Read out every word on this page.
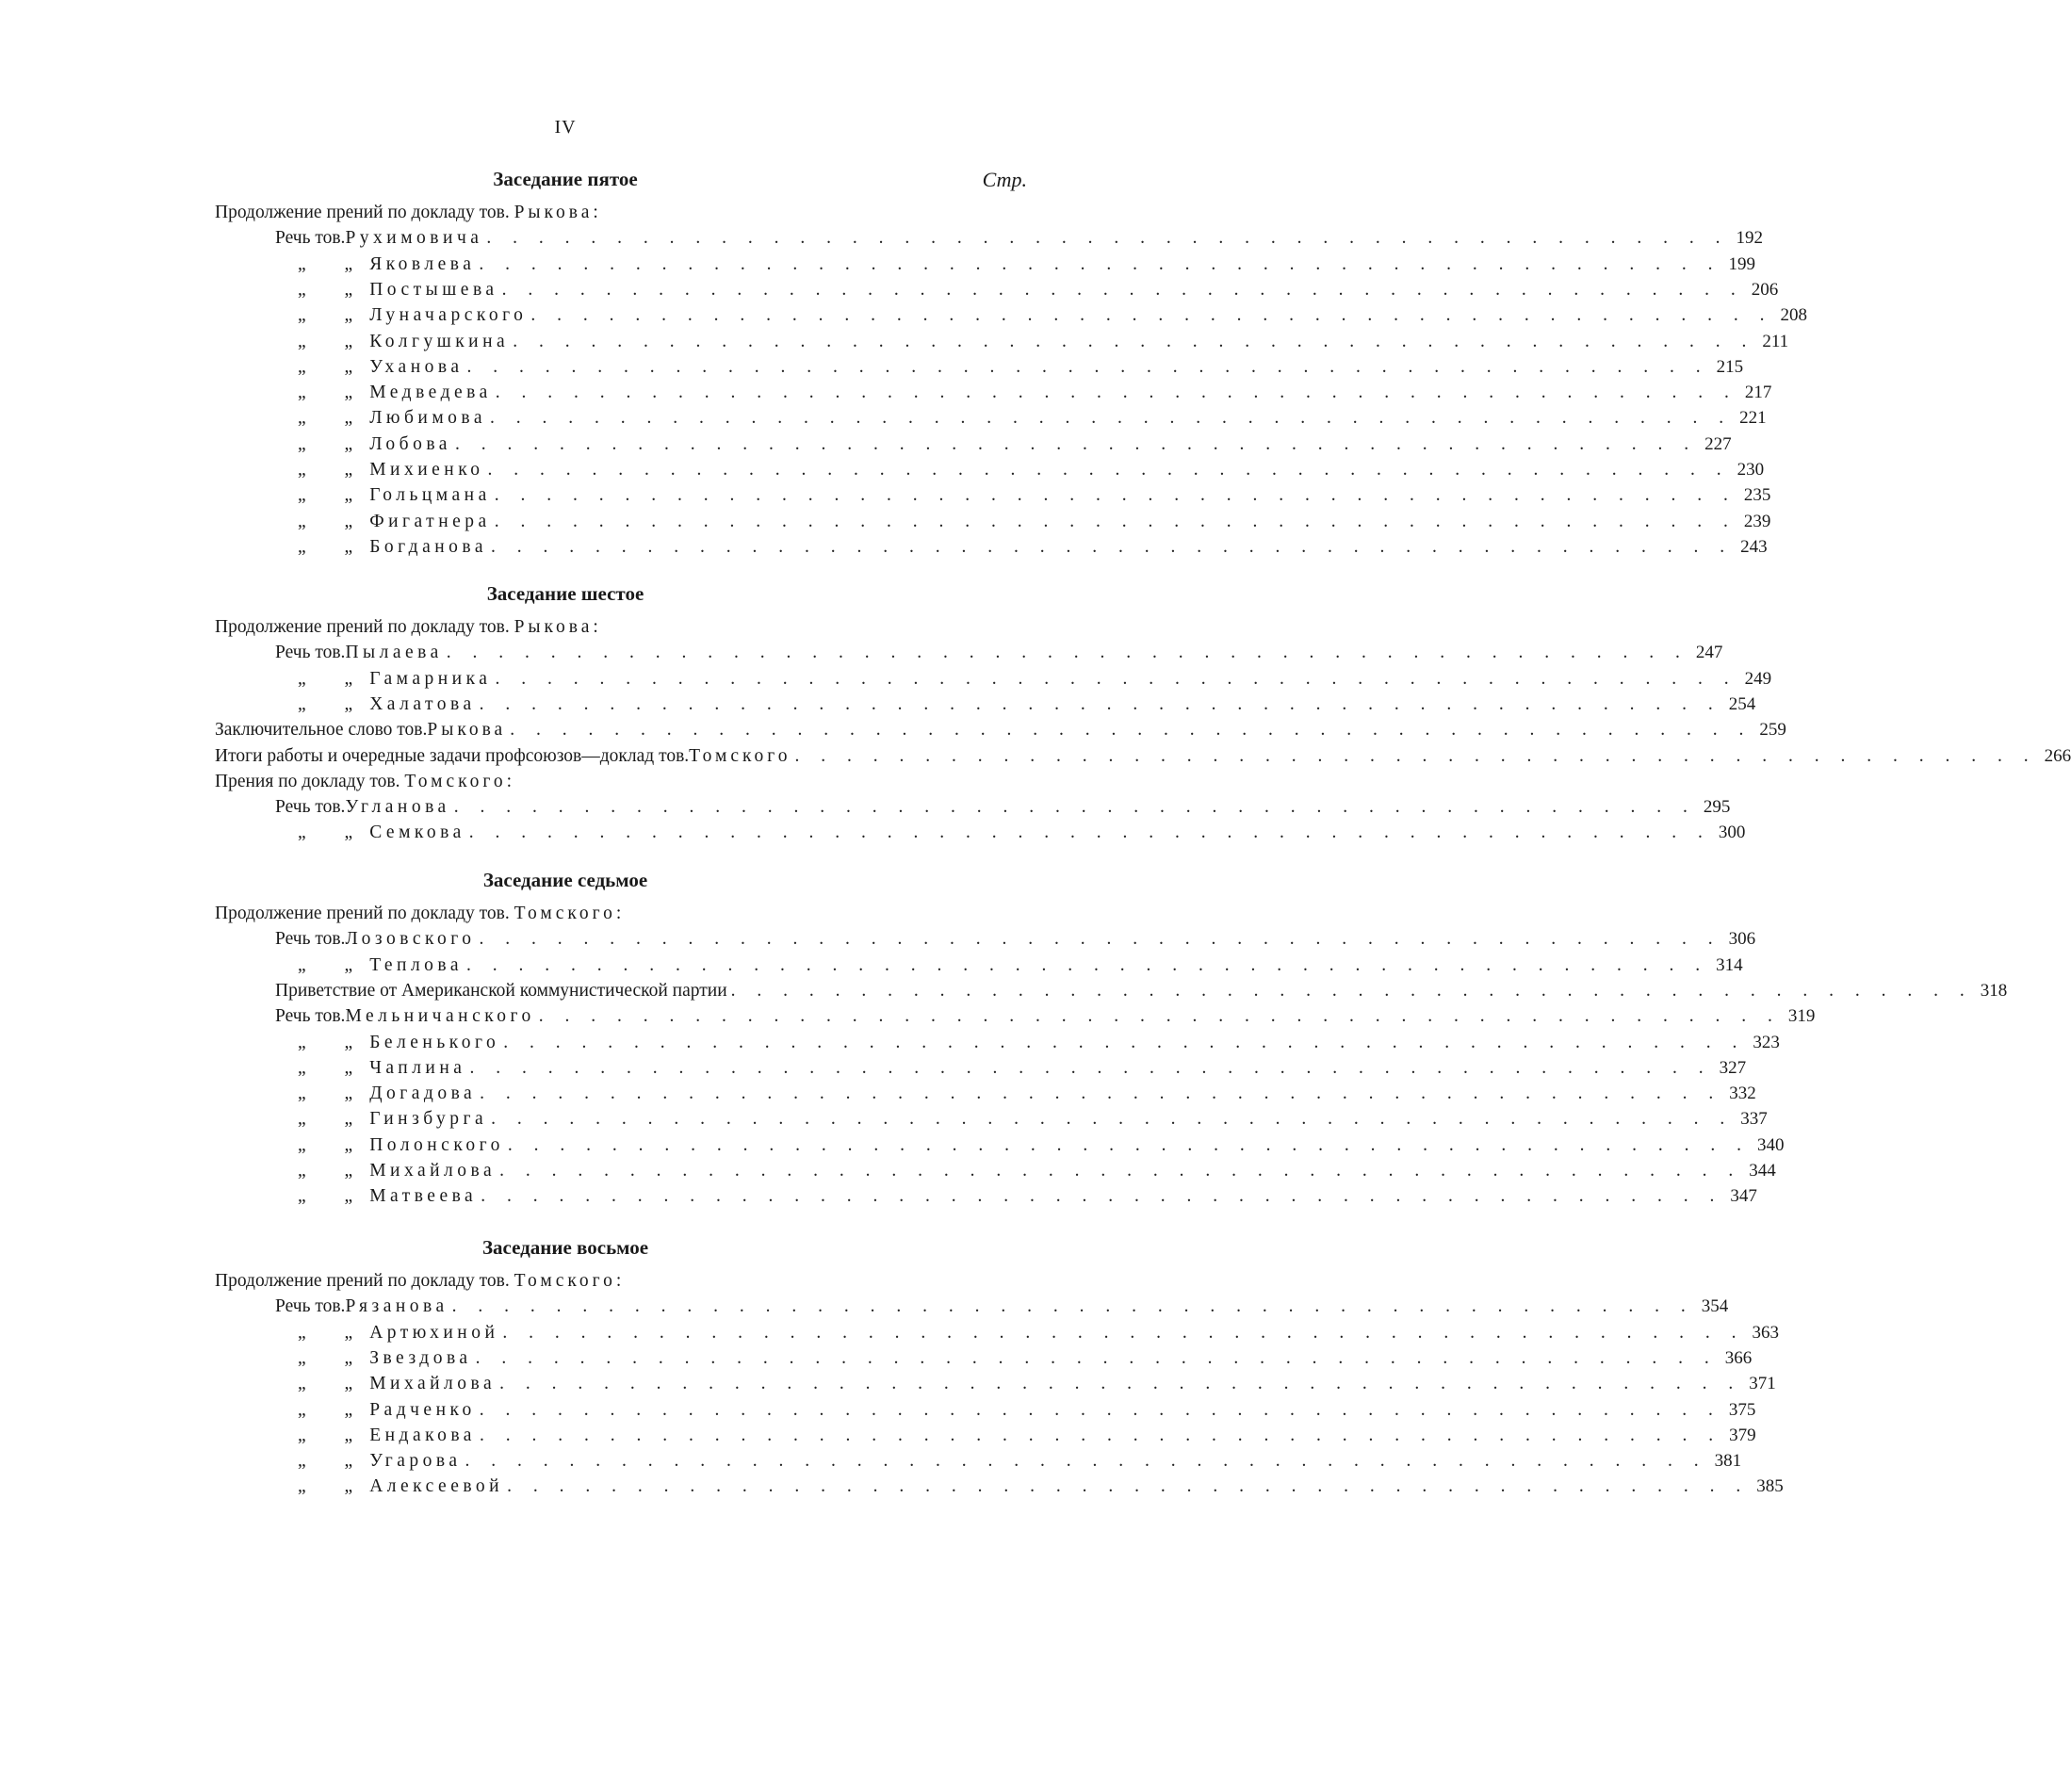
IV
Заседание пятое	Стр.
Продолжение прений по докладу тов. Рыкова:
Речь тов. Рухимовича . . . . . . . . . . . . . . . . . . . . . . . . . . . . . . . . . . . . . . . . . . . . . . . . 192
„ „ Яковлева . . . . . . . . . . . . . . . . . . . . . . . . . . . . . . . . . . . . . . . . . . . . . . . . 199
„ „ Постышева . . . . . . . . . . . . . . . . . . . . . . . . . . . . . . . . . . . . . . . . . . . . . . . . 206
„ „ Луначарского . . . . . . . . . . . . . . . . . . . . . . . . . . . . . . . . . . . . . . . . . . . . . . . . 208
„ „ Колгушкина . . . . . . . . . . . . . . . . . . . . . . . . . . . . . . . . . . . . . . . . . . . . . . . . 211
„ „ Уханова . . . . . . . . . . . . . . . . . . . . . . . . . . . . . . . . . . . . . . . . . . . . . . . . 215
„ „ Медведева . . . . . . . . . . . . . . . . . . . . . . . . . . . . . . . . . . . . . . . . . . . . . . . . 217
„ „ Любимова . . . . . . . . . . . . . . . . . . . . . . . . . . . . . . . . . . . . . . . . . . . . . . . . 221
„ „ Лобова . . . . . . . . . . . . . . . . . . . . . . . . . . . . . . . . . . . . . . . . . . . . . . . . 227
„ „ Михиенко . . . . . . . . . . . . . . . . . . . . . . . . . . . . . . . . . . . . . . . . . . . . . . . . 230
„ „ Гольцмана . . . . . . . . . . . . . . . . . . . . . . . . . . . . . . . . . . . . . . . . . . . . . . . . 235
„ „ Фигатнера . . . . . . . . . . . . . . . . . . . . . . . . . . . . . . . . . . . . . . . . . . . . . . . . 239
„ „ Богданова . . . . . . . . . . . . . . . . . . . . . . . . . . . . . . . . . . . . . . . . . . . . . . . . 243
Заседание шестое
Продолжение прений по докладу тов. Рыкова:
Речь тов. Пылаева . . . . . . . . . . . . . . . . . . . . . . . . . . . . . . . . . . . . . . . . . . . . . . . . 247
„ „ Гамарника . . . . . . . . . . . . . . . . . . . . . . . . . . . . . . . . . . . . . . . . . . . . . . . . 249
„ „ Халатова . . . . . . . . . . . . . . . . . . . . . . . . . . . . . . . . . . . . . . . . . . . . . . . . 254
Заключительное слово тов. Рыкова . . . . . . . . . . . . . . . . . . . . . . . . . . . . . . . . . . . . . . . . . . . . . . . . 259
Итоги работы и очередные задачи профсоюзов—доклад тов. Томского . . . . . . . . . . . . . . . . . . . . . . . . . . . . . . . . . . . . . . . . . . . . . . . . 266
Прения по докладу тов. Томского:
Речь тов. Угланова . . . . . . . . . . . . . . . . . . . . . . . . . . . . . . . . . . . . . . . . . . . . . . . . 295
„ „ Семкова . . . . . . . . . . . . . . . . . . . . . . . . . . . . . . . . . . . . . . . . . . . . . . . . 300
Заседание седьмое
Продолжение прений по докладу тов. Томского:
Речь тов. Лозовского . . . . . . . . . . . . . . . . . . . . . . . . . . . . . . . . . . . . . . . . . . . . . . . . 306
„ „ Теплова . . . . . . . . . . . . . . . . . . . . . . . . . . . . . . . . . . . . . . . . . . . . . . . . 314
Приветствие от Американской коммунистической партии . . . . . . . . . . . . . . . . . . . . . . . . . . . . . . . . . . . . . . . . . . . . . . . . 318
Речь тов. Мельничанского . . . . . . . . . . . . . . . . . . . . . . . . . . . . . . . . . . . . . . . . . . . . . . . . 319
„ „ Беленького . . . . . . . . . . . . . . . . . . . . . . . . . . . . . . . . . . . . . . . . . . . . . . . . 323
„ „ Чаплина . . . . . . . . . . . . . . . . . . . . . . . . . . . . . . . . . . . . . . . . . . . . . . . . 327
„ „ Догадова . . . . . . . . . . . . . . . . . . . . . . . . . . . . . . . . . . . . . . . . . . . . . . . . 332
„ „ Гинзбурга . . . . . . . . . . . . . . . . . . . . . . . . . . . . . . . . . . . . . . . . . . . . . . . . 337
„ „ Полонского . . . . . . . . . . . . . . . . . . . . . . . . . . . . . . . . . . . . . . . . . . . . . . . . 340
„ „ Михайлова . . . . . . . . . . . . . . . . . . . . . . . . . . . . . . . . . . . . . . . . . . . . . . . . 344
„ „ Матвеева . . . . . . . . . . . . . . . . . . . . . . . . . . . . . . . . . . . . . . . . . . . . . . . . 347
Заседание восьмое
Продолжение прений по докладу тов. Томского:
Речь тов. Рязанова . . . . . . . . . . . . . . . . . . . . . . . . . . . . . . . . . . . . . . . . . . . . . . . . 354
„ „ Артюхиной . . . . . . . . . . . . . . . . . . . . . . . . . . . . . . . . . . . . . . . . . . . . . . . . 363
„ „ Звездова . . . . . . . . . . . . . . . . . . . . . . . . . . . . . . . . . . . . . . . . . . . . . . . . 366
„ „ Михайлова . . . . . . . . . . . . . . . . . . . . . . . . . . . . . . . . . . . . . . . . . . . . . . . . 371
„ „ Радченко . . . . . . . . . . . . . . . . . . . . . . . . . . . . . . . . . . . . . . . . . . . . . . . . 375
„ „ Ендакова . . . . . . . . . . . . . . . . . . . . . . . . . . . . . . . . . . . . . . . . . . . . . . . . 379
„ „ Угарова . . . . . . . . . . . . . . . . . . . . . . . . . . . . . . . . . . . . . . . . . . . . . . . . 381
„ „ Алексеевой . . . . . . . . . . . . . . . . . . . . . . . . . . . . . . . . . . . . . . . . . . . . . . . . 385
